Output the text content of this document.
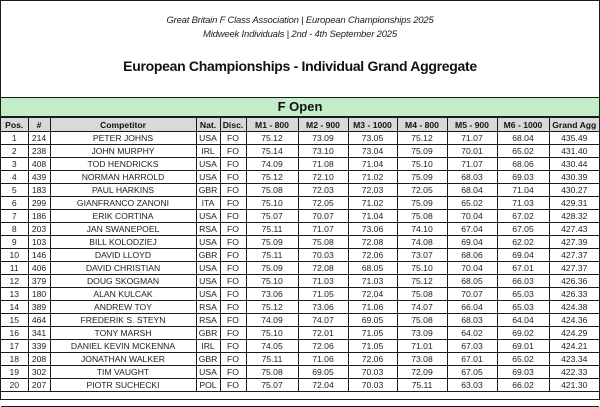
Great Britain F Class Association | European Championships 2025
Midweek Individuals | 2nd - 4th September 2025
European Championships - Individual Grand Aggregate
F Open
Pos.	#	Competitor	Nat.	Disc.	M1 - 800	M2 - 900	M3 - 1000	M4 - 800	M5 - 900	M6 - 1000	Grand Agg
1	214	PETER JOHNS	USA	FO	75.12	73.09	73.05	75.12	71.07	68.04	435.49
2	238	JOHN MURPHY	IRL	FO	75.14	73.10	73.04	75.09	70.01	65.02	431.40
3	408	TOD HENDRICKS	USA	FO	74.09	71.08	71.04	75.10	71.07	68.06	430.44
4	439	NORMAN HARROLD	USA	FO	75.12	72.10	71.02	75.09	68.03	69.03	430.39
5	183	PAUL HARKINS	GBR	FO	75.08	72.03	72.03	72.05	68.04	71.04	430.27
6	299	GIANFRANCO ZANONI	ITA	FO	75.10	72.05	71.02	75.09	65.02	71.03	429.31
7	186	ERIK CORTINA	USA	FO	75.07	70.07	71.04	75.08	70.04	67.02	428.32
8	203	JAN SWANEPOEL	RSA	FO	75.11	71.07	73.06	74.10	67.04	67.05	427.43
9	103	BILL KOLODZIEJ	USA	FO	75.09	75.08	72.08	74.08	69.04	62.02	427.39
10	146	DAVID LLOYD	GBR	FO	75.11	70.03	72.06	73.07	68.06	69.04	427.37
11	406	DAVID CHRISTIAN	USA	FO	75.09	72.08	68.05	75.10	70.04	67.01	427.37
12	379	DOUG SKOGMAN	USA	FO	75.10	71.03	71.03	75.12	68.05	66.03	426.36
13	180	ALAN KULCAK	USA	FO	73.06	71.05	72.04	75.08	70.07	65.03	426.33
14	389	ANDREW TOY	RSA	FO	75.12	73.06	71.06	74.07	66.04	65.03	424.38
15	464	FREDERIK S. STEYN	RSA	FO	74.09	74.07	69.05	75.08	68.03	64.04	424.36
16	341	TONY MARSH	GBR	FO	75.10	72.01	71.05	73.09	64.02	69.02	424.29
17	339	DANIEL KEVIN MCKENNA	IRL	FO	74.05	72.06	71.05	71.01	67.03	69.01	424.21
18	208	JONATHAN WALKER	GBR	FO	75.11	71.06	72.06	73.08	67.01	65.02	423.34
19	302	TIM VAUGHT	USA	FO	75.08	69.05	70.03	72.09	67.05	69.03	422.33
20	207	PIOTR SUCHECKI	POL	FO	75.07	72.04	70.03	75.11	63.03	66.02	421.30
